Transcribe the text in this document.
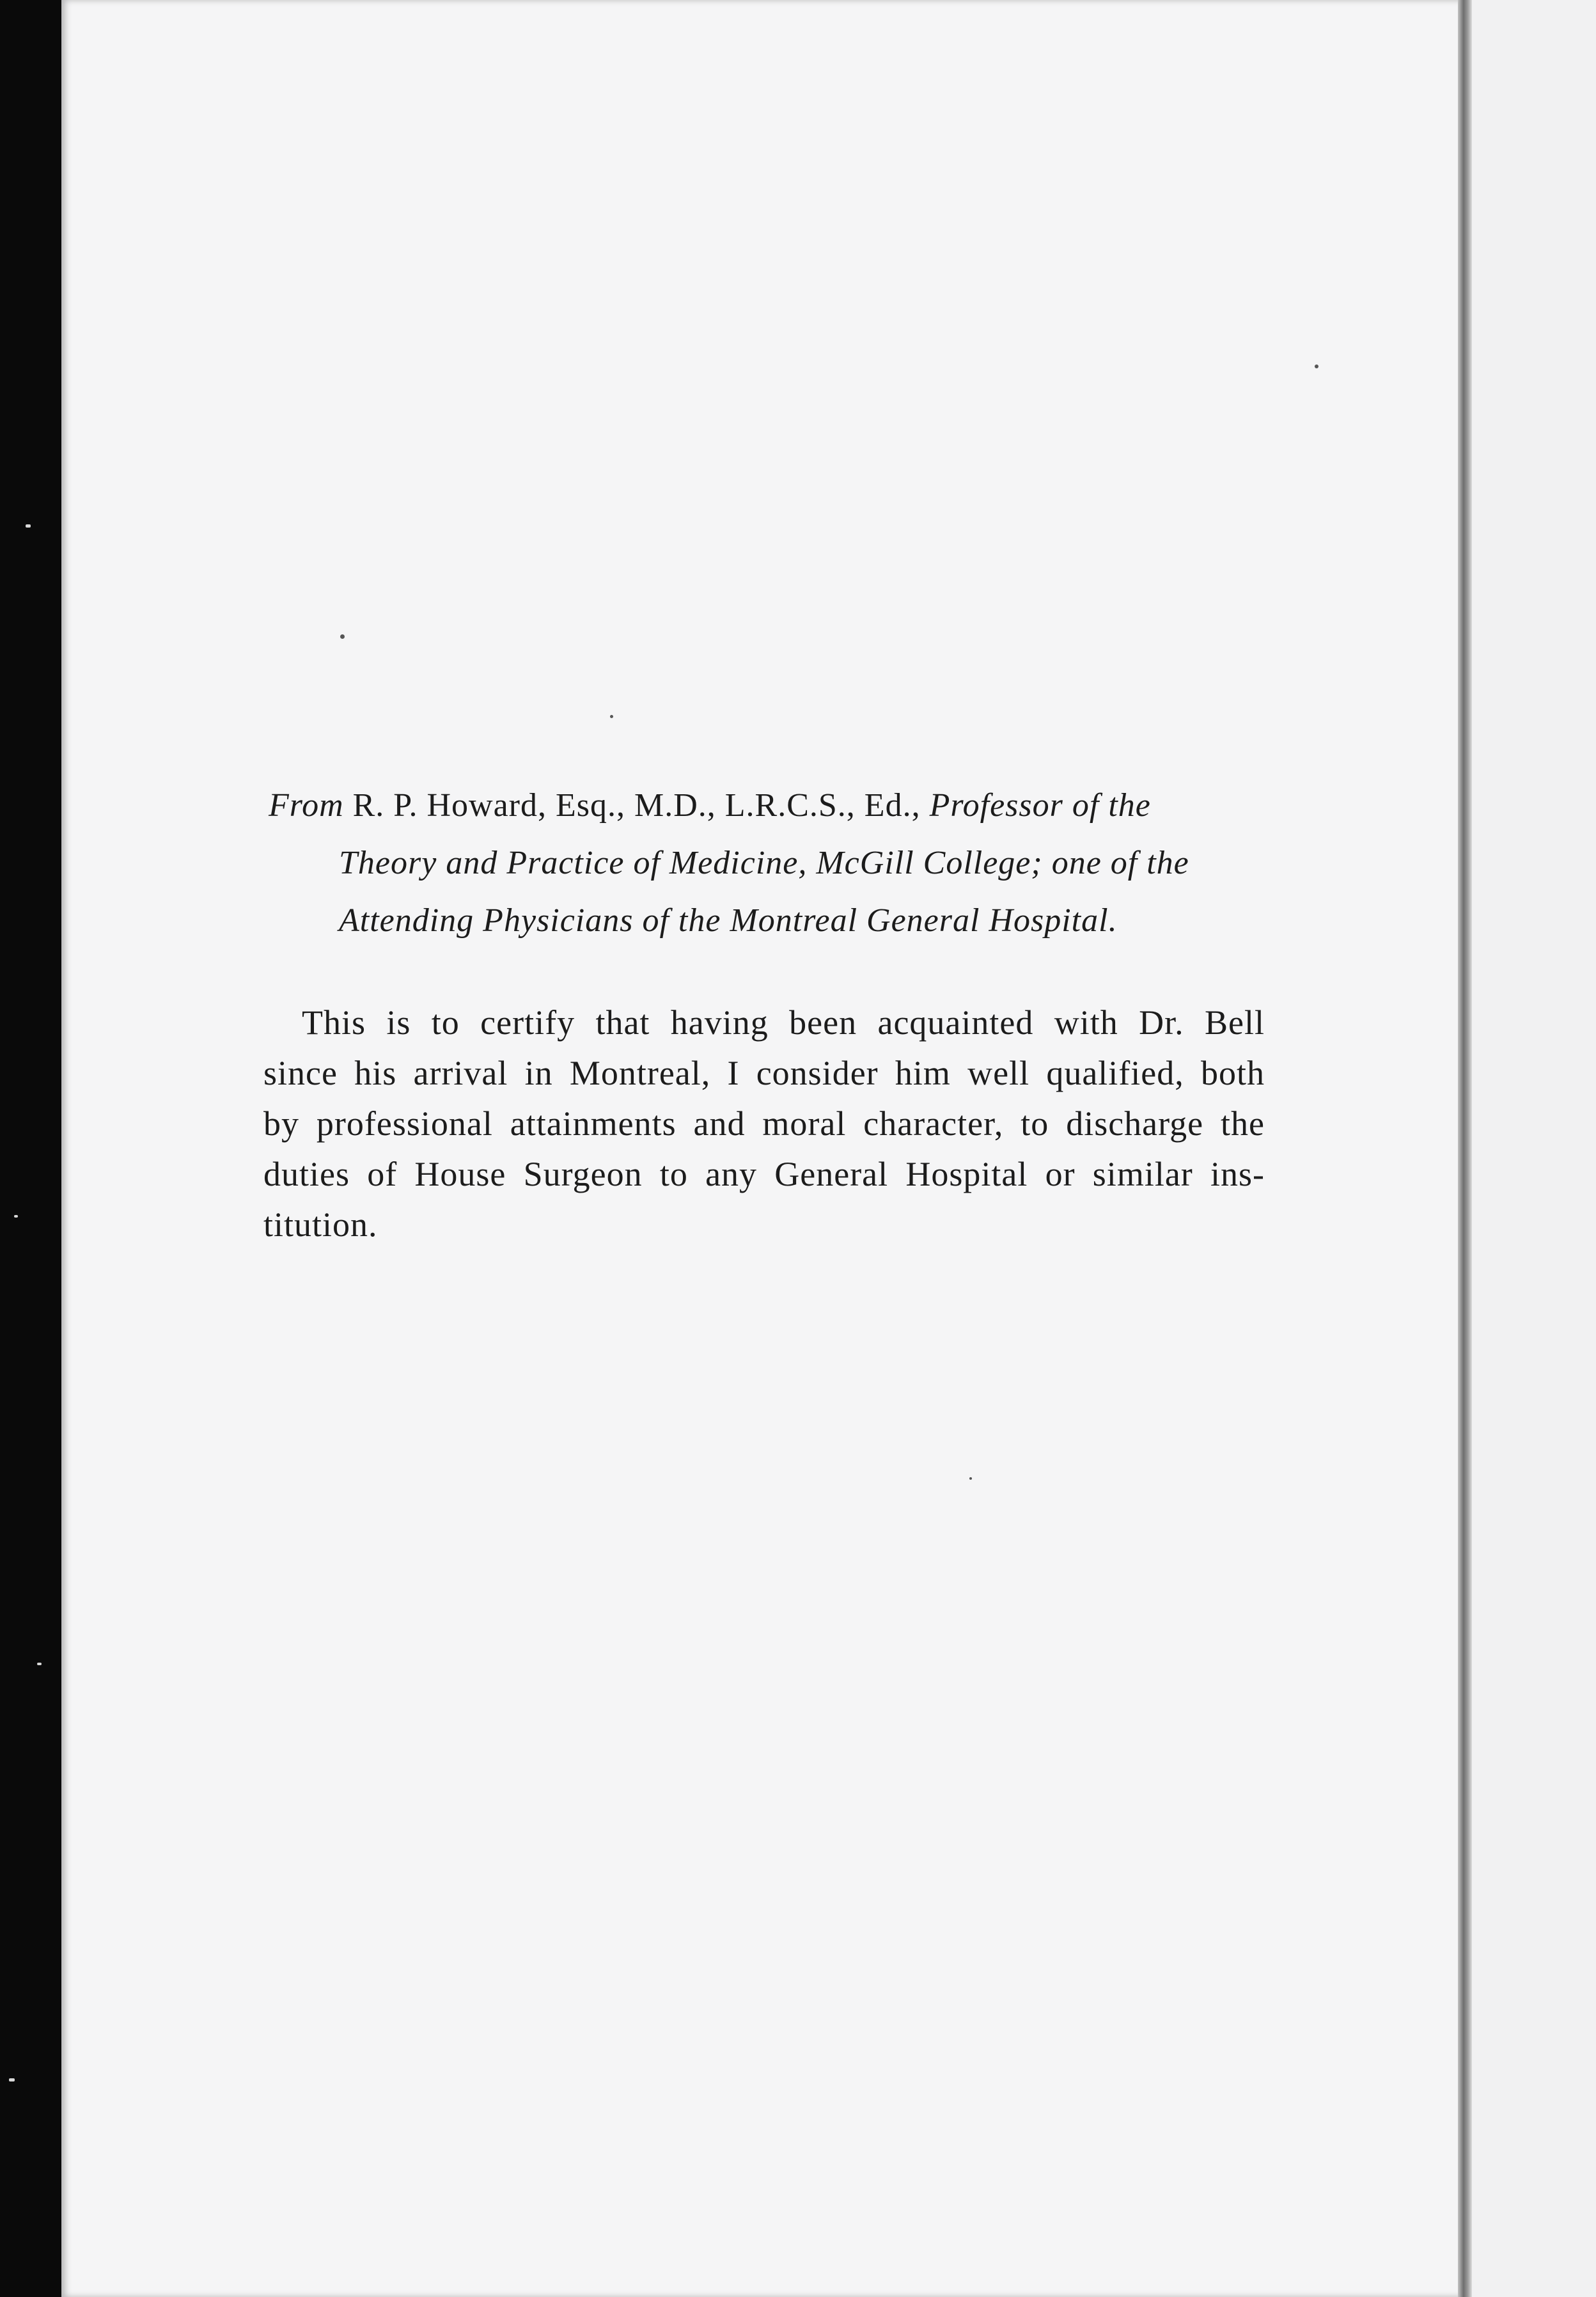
From R. P. Howard, Esq., M.D., L.R.C.S., Ed., Professor of the
Theory and Practice of Medicine, McGill College; one of the
Attending Physicians of the Montreal General Hospital.
This is to certify that having been acquainted with Dr. Bell
since his arrival in Montreal, I consider him well qualified, both
by professional attainments and moral character, to discharge the
duties of House Surgeon to any General Hospital or similar ins-
titution.
